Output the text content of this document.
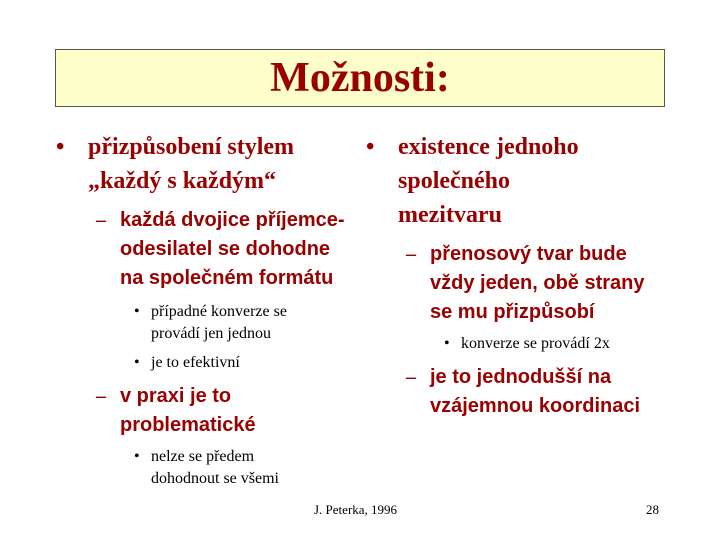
Možnosti:
• přizpůsobení stylem „každý s každým“
– každá dvojice příjemce-odesilatel se dohodne na společném formátu
• případné konverze se provádí jen jednou
• je to efektivní
– v praxi je to problematické
• nelze se předem dohodnout se všemi
• existence jednoho společného mezitvaru
– přenosový tvar bude vždy jeden, obě strany se mu přizpůsobí
• konverze se provádí 2x
– je to jednodušší na vzájemnou koordinaci
J. Peterka, 1996	28
